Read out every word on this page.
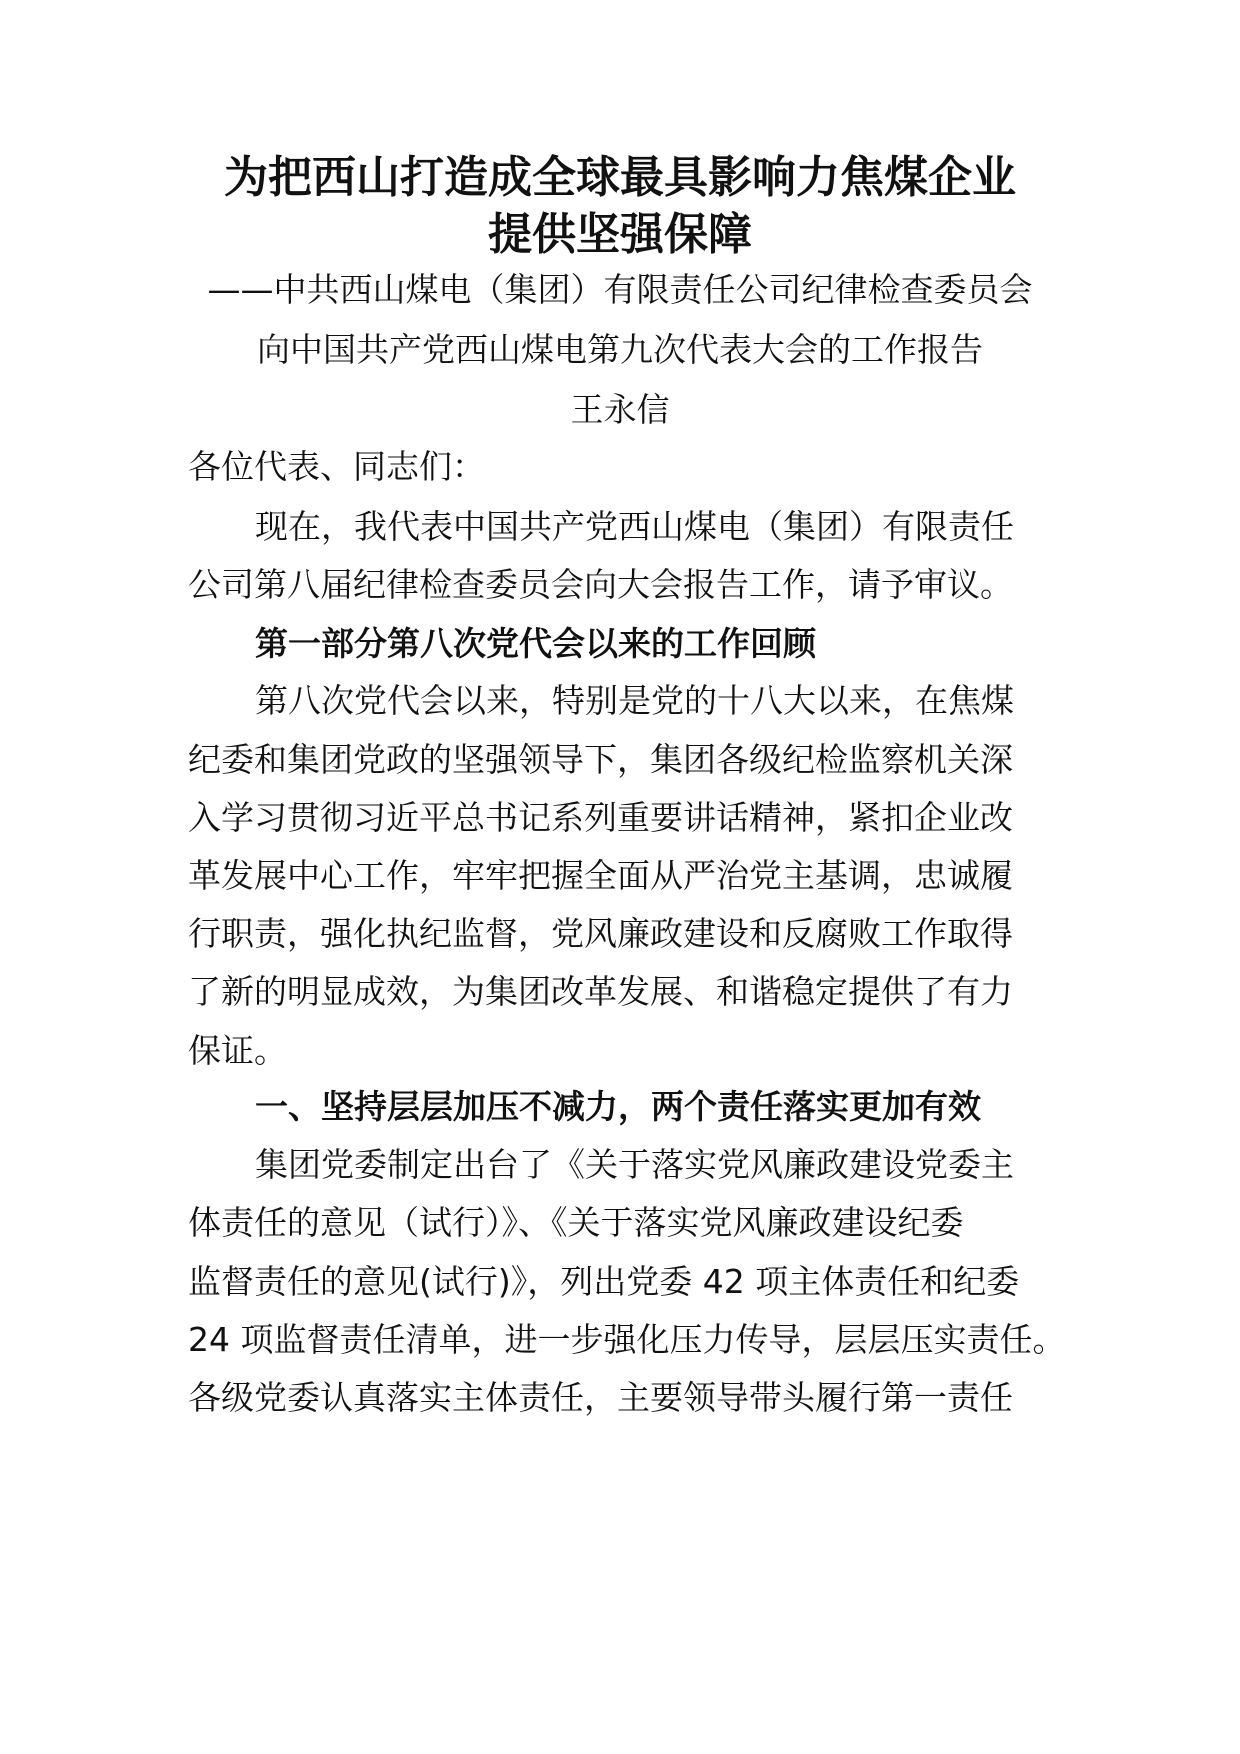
为把西山打造成全球最具影响力焦煤企业
提供坚强保障
——中共西山煤电（集团）有限责任公司纪律检查委员会
向中国共产党西山煤电第九次代表大会的工作报告
王永信
各位代表、同志们：
现在，我代表中国共产党西山煤电（集团）有限责任
公司第八届纪律检查委员会向大会报告工作，请予审议。
第一部分第八次党代会以来的工作回顾
第八次党代会以来，特别是党的十八大以来，在焦煤
纪委和集团党政的坚强领导下，集团各级纪检监察机关深
入学习贯彻习近平总书记系列重要讲话精神，紧扣企业改
革发展中心工作，牢牢把握全面从严治党主基调，忠诚履
行职责，强化执纪监督，党风廉政建设和反腐败工作取得
了新的明显成效，为集团改革发展、和谐稳定提供了有力
保证。
一、坚持层层加压不减力，两个责任落实更加有效
集团党委制定出台了《关于落实党风廉政建设党委主
体责任的意见（试行）》、《关于落实党风廉政建设纪委
监督责任的意见(试行)》，列出党委 42 项主体责任和纪委
24 项监督责任清单，进一步强化压力传导，层层压实责任。
各级党委认真落实主体责任，主要领导带头履行第一责任
